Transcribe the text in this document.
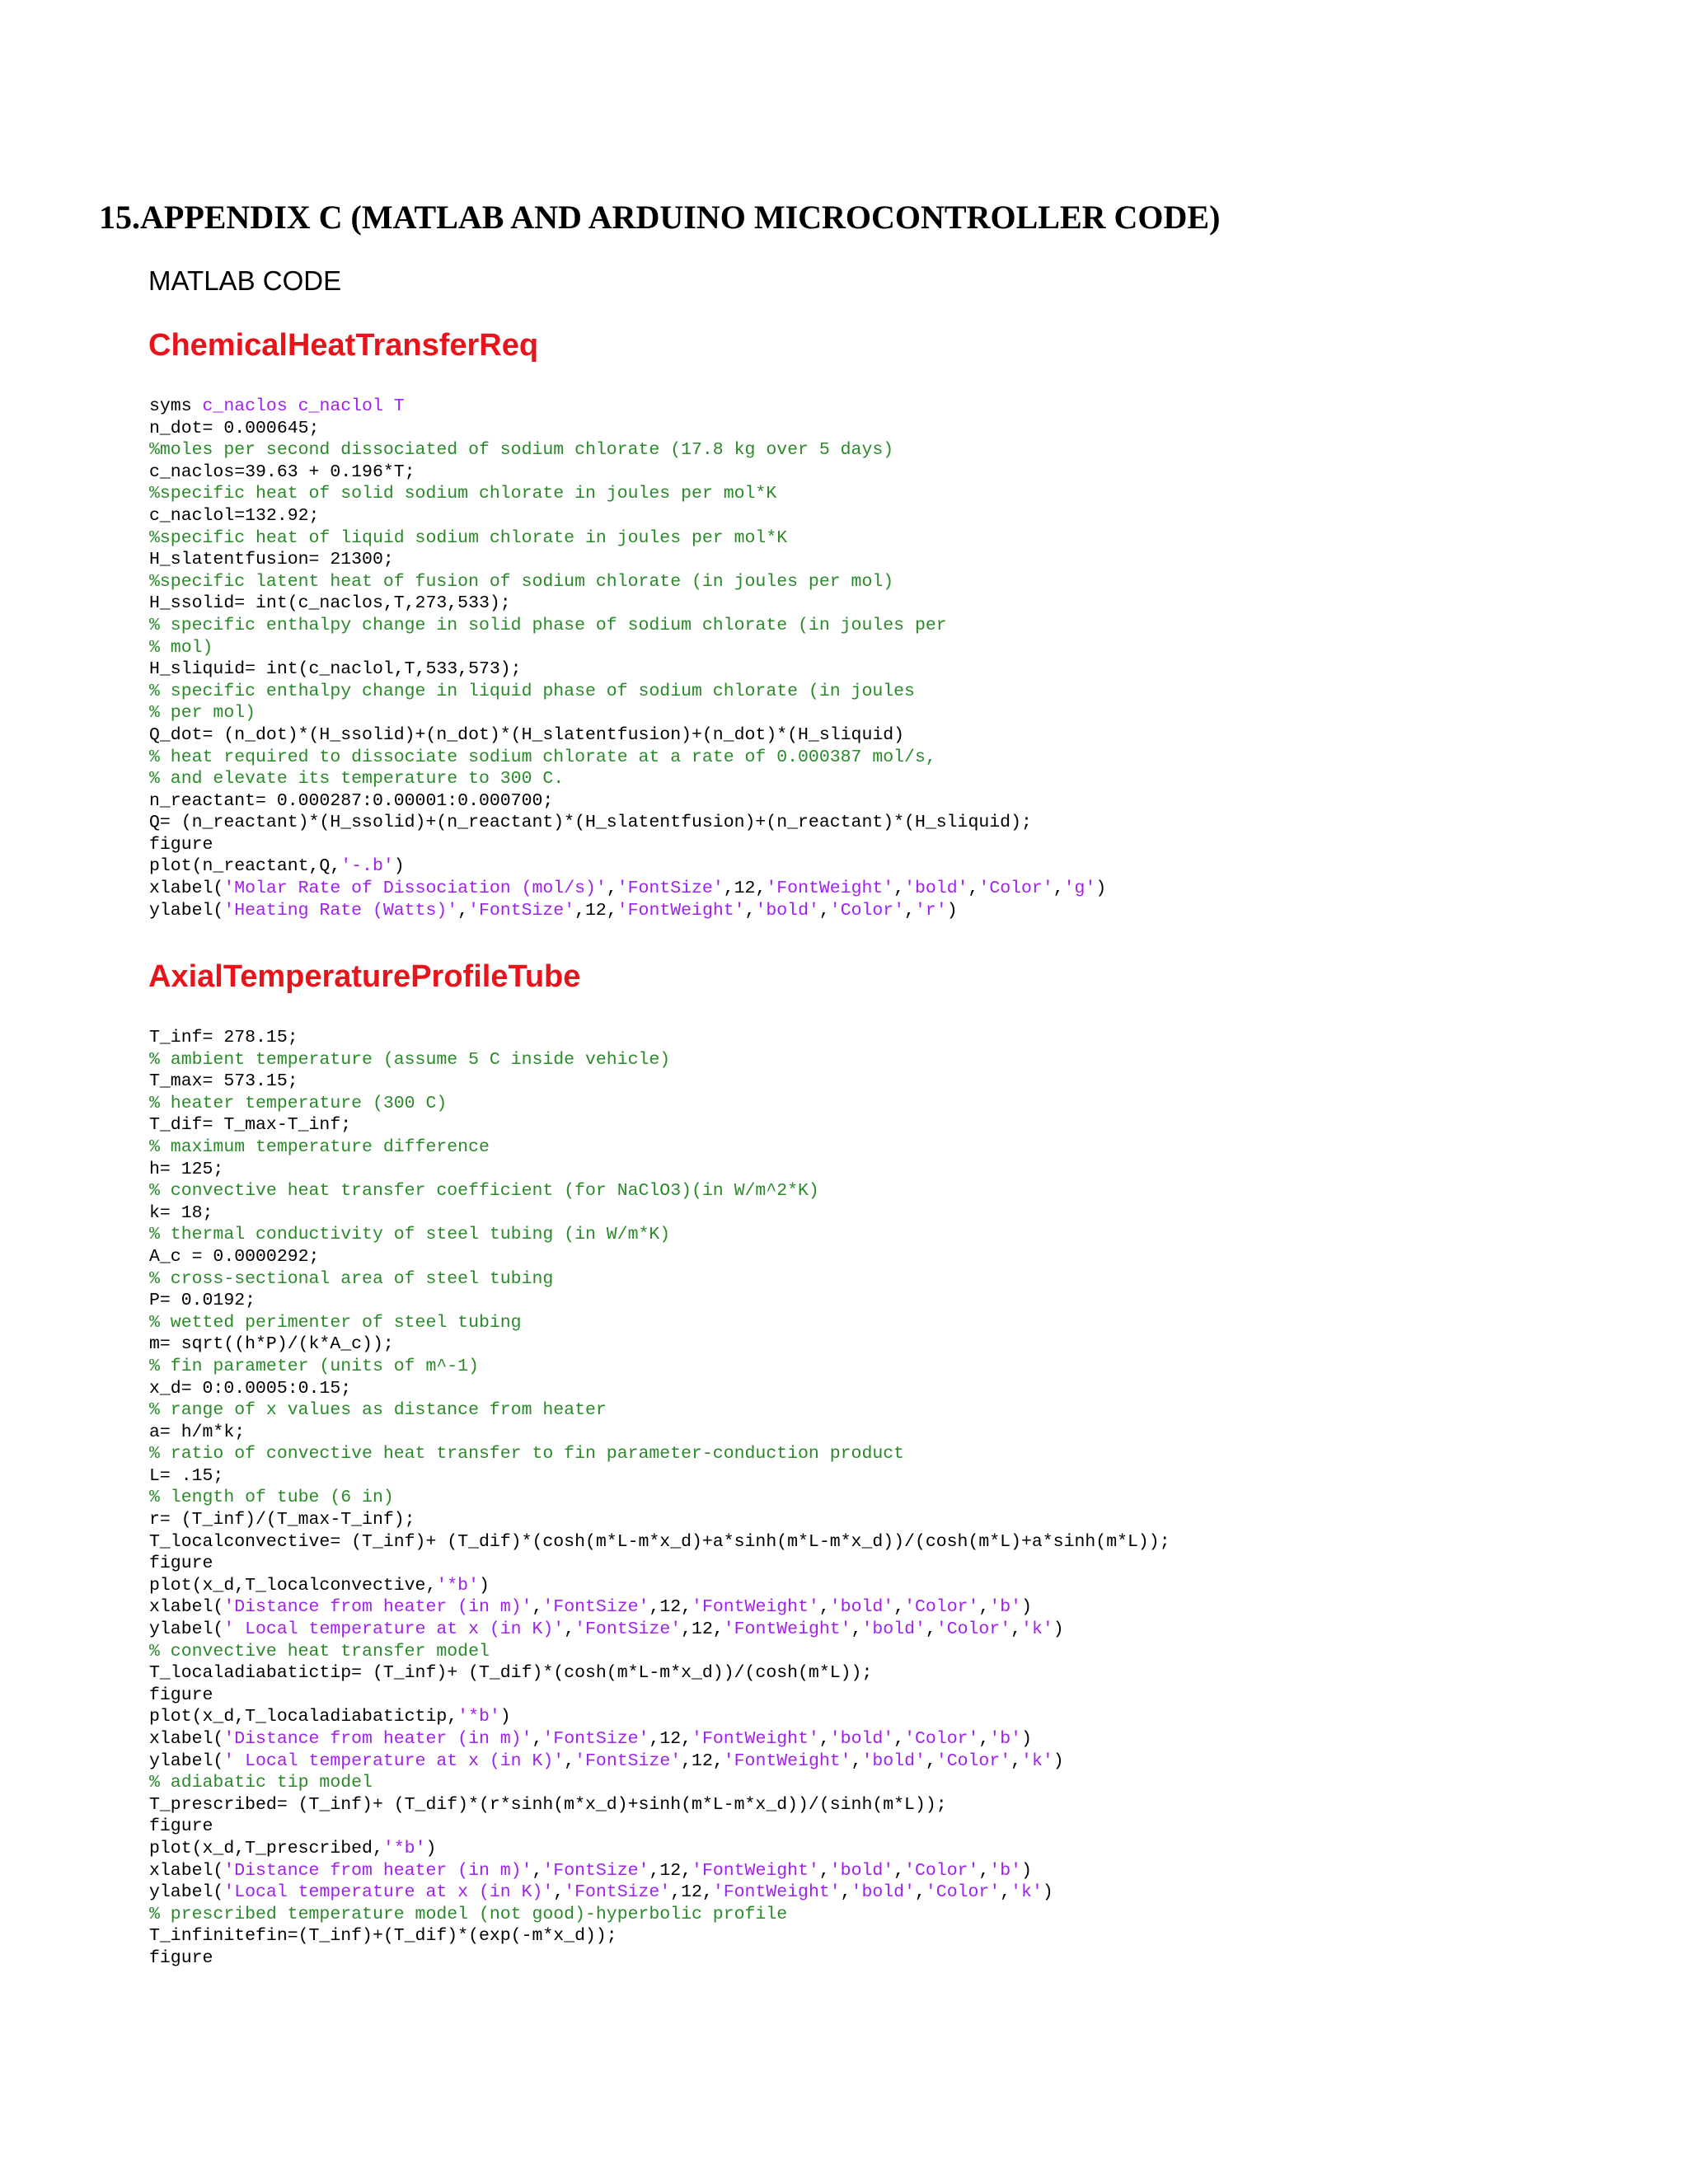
15.APPENDIX C (MATLAB AND ARDUINO MICROCONTROLLER CODE)
MATLAB CODE
ChemicalHeatTransferReq
syms c_naclos c_naclol T
n_dot= 0.000645;
%moles per second dissociated of sodium chlorate (17.8 kg over 5 days)
c_naclos=39.63 + 0.196*T;
%specific heat of solid sodium chlorate in joules per mol*K
c_naclol=132.92;
%specific heat of liquid sodium chlorate in joules per mol*K
H_slatentfusion= 21300;
%specific latent heat of fusion of sodium chlorate (in joules per mol)
H_ssolid= int(c_naclos,T,273,533);
% specific enthalpy change in solid phase of sodium chlorate (in joules per
% mol)
H_sliquid= int(c_naclol,T,533,573);
% specific enthalpy change in liquid phase of sodium chlorate (in joules
% per mol)
Q_dot= (n_dot)*(H_ssolid)+(n_dot)*(H_slatentfusion)+(n_dot)*(H_sliquid)
% heat required to dissociate sodium chlorate at a rate of 0.000387 mol/s,
% and elevate its temperature to 300 C.
n_reactant= 0.000287:0.00001:0.000700;
Q= (n_reactant)*(H_ssolid)+(n_reactant)*(H_slatentfusion)+(n_reactant)*(H_sliquid);
figure
plot(n_reactant,Q,'-.b')
xlabel('Molar Rate of Dissociation (mol/s)','FontSize',12,'FontWeight','bold','Color','g')
ylabel('Heating Rate (Watts)','FontSize',12,'FontWeight','bold','Color','r')
AxialTemperatureProfileTube
T_inf= 278.15;
% ambient temperature (assume 5 C inside vehicle)
T_max= 573.15;
% heater temperature (300 C)
T_dif= T_max-T_inf;
% maximum temperature difference
h= 125;
% convective heat transfer coefficient (for NaClO3)(in W/m^2*K)
k= 18;
% thermal conductivity of steel tubing (in W/m*K)
A_c = 0.0000292;
% cross-sectional area of steel tubing
P= 0.0192;
% wetted perimenter of steel tubing
m= sqrt((h*P)/(k*A_c));
% fin parameter (units of m^-1)
x_d= 0:0.0005:0.15;
% range of x values as distance from heater
a= h/m*k;
% ratio of convective heat transfer to fin parameter-conduction product
L= .15;
% length of tube (6 in)
r= (T_inf)/(T_max-T_inf);
T_localconvective= (T_inf)+ (T_dif)*(cosh(m*L-m*x_d)+a*sinh(m*L-m*x_d))/(cosh(m*L)+a*sinh(m*L));
figure
plot(x_d,T_localconvective,'*b')
xlabel('Distance from heater (in m)','FontSize',12,'FontWeight','bold','Color','b')
ylabel(' Local temperature at x (in K)','FontSize',12,'FontWeight','bold','Color','k')
% convective heat transfer model
T_localadiabatictip= (T_inf)+ (T_dif)*(cosh(m*L-m*x_d))/(cosh(m*L));
figure
plot(x_d,T_localadiabatictip,'*b')
xlabel('Distance from heater (in m)','FontSize',12,'FontWeight','bold','Color','b')
ylabel(' Local temperature at x (in K)','FontSize',12,'FontWeight','bold','Color','k')
% adiabatic tip model
T_prescribed= (T_inf)+ (T_dif)*(r*sinh(m*x_d)+sinh(m*L-m*x_d))/(sinh(m*L));
figure
plot(x_d,T_prescribed,'*b')
xlabel('Distance from heater (in m)','FontSize',12,'FontWeight','bold','Color','b')
ylabel('Local temperature at x (in K)','FontSize',12,'FontWeight','bold','Color','k')
% prescribed temperature model (not good)-hyperbolic profile
T_infinitefin=(T_inf)+(T_dif)*(exp(-m*x_d));
figure
